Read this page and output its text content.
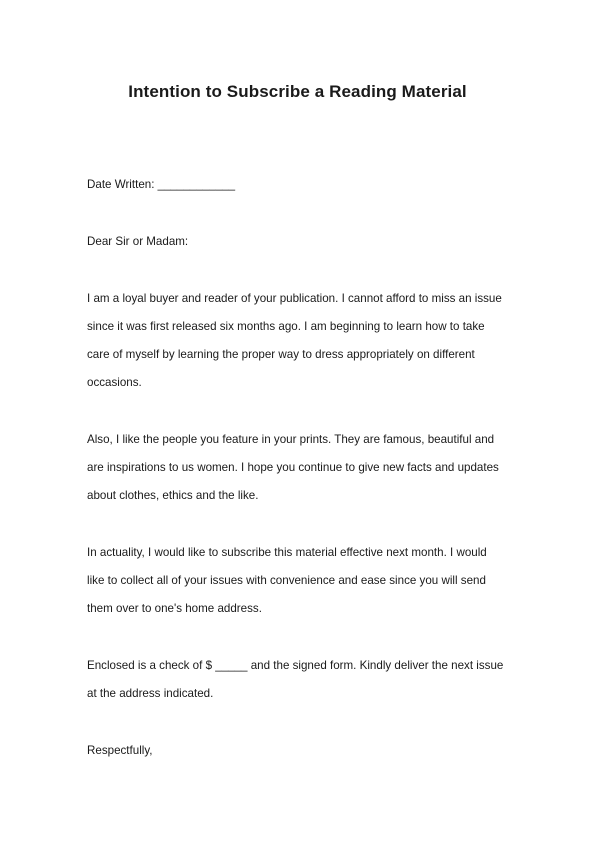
Intention to Subscribe a Reading Material

Date Written: ____________

Dear Sir or Madam:

I am a loyal buyer and reader of your publication. I cannot afford to miss an issue

since it was first released six months ago. I am beginning to learn how to take

care of myself by learning the proper way to dress appropriately on different

occasions.

Also, I like the people you feature in your prints. They are famous, beautiful and

are inspirations to us women. I hope you continue to give new facts and updates

about clothes, ethics and the like.

In actuality, I would like to subscribe this material effective next month. I would

like to collect all of your issues with convenience and ease since you will send

them over to one's home address.

Enclosed is a check of $ _____ and the signed form. Kindly deliver the next issue

at the address indicated.

Respectfully,
